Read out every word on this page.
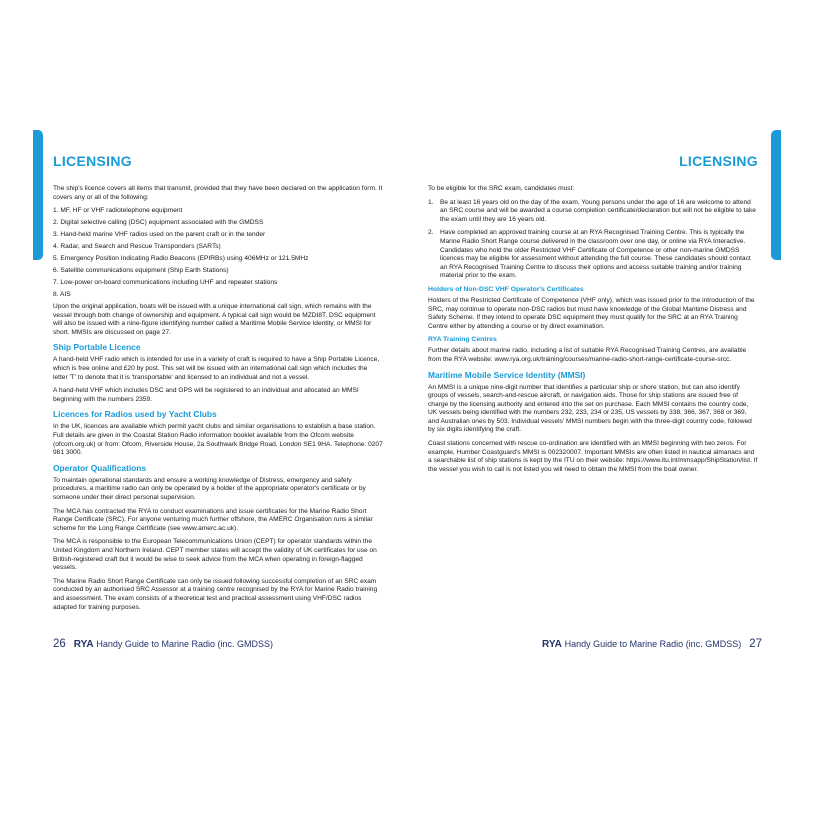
LICENSING

The ship's licence covers all items that transmit, provided that they have been declared on the application form. It covers any or all of the following:

1. MF, HF or VHF radiotelephone equipment
2. Digital selective calling (DSC) equipment associated with the GMDSS
3. Hand-held marine VHF radios used on the parent craft or in the tender
4. Radar, and Search and Rescue Transponders (SARTs)
5. Emergency Position Indicating Radio Beacons (EPIRBs) using 406MHz or 121.5MHz
6. Satellite communications equipment (Ship Earth Stations)
7. Low-power on-board communications including UHF and repeater stations
8. AIS

Upon the original application, boats will be issued with a unique international call sign, which remains with the vessel through both change of ownership and equipment. A typical call sign would be MZDI8T. DSC equipment will also be issued with a nine-figure identifying number called a Maritime Mobile Service Identity, or MMSI for short. MMSIs are discussed on page 27.

Ship Portable Licence

A hand-held VHF radio which is intended for use in a variety of craft is required to have a Ship Portable Licence, which is free online and £20 by post. This set will be issued with an international call sign which includes the letter 'T' to denote that it is 'transportable' and licensed to an individual and not a vessel.

A hand-held VHF which includes DSC and GPS will be registered to an individual and allocated an MMSI beginning with the numbers 2359.

Licences for Radios used by Yacht Clubs

In the UK, licences are available which permit yacht clubs and similar organisations to establish a base station. Full details are given in the Coastal Station Radio information booklet available from the Ofcom website (ofcom.org.uk) or from: Ofcom, Riverside House, 2a Southwark Bridge Road, London SE1 9HA. Telephone: 0207 981 3000.

Operator Qualifications

To maintain operational standards and ensure a working knowledge of Distress, emergency and safety procedures, a maritime radio can only be operated by a holder of the appropriate operator's certificate or by someone under their direct personal supervision.

The MCA has contracted the RYA to conduct examinations and issue certificates for the Marine Radio Short Range Certificate (SRC). For anyone venturing much further offshore, the AMERC Organisation runs a similar scheme for the Long Range Certificate (see www.amerc.ac.uk).

The MCA is responsible to the European Telecommunications Union (CEPT) for operator standards within the United Kingdom and Northern Ireland. CEPT member states will accept the validity of UK certificates for use on British-registered craft but it would be wise to seek advice from the MCA when operating in foreign-flagged vessels.

The Marine Radio Short Range Certificate can only be issued following successful completion of an SRC exam conducted by an authorised SRC Assessor at a training centre recognised by the RYA for Marine Radio training and assessment. The exam consists of a theoretical test and practical assessment using VHF/DSC radios adapted for training purposes.

26 RYA Handy Guide to Marine Radio (inc. GMDSS)
LICENSING

To be eligible for the SRC exam, candidates must:

1. Be at least 16 years old on the day of the exam. Young persons under the age of 16 are welcome to attend an SRC course and will be awarded a course completion certificate/declaration but will not be eligible to take the exam until they are 16 years old.
2. Have completed an approved training course at an RYA Recognised Training Centre. This is typically the Marine Radio Short Range course delivered in the classroom over one day, or online via RYA Interactive. Candidates who hold the older Restricted VHF Certificate of Competence or other non-marine GMDSS licences may be eligible for assessment without attending the full course. These candidates should contact an RYA Recognised Training Centre to discuss their options and access suitable training and/or training material prior to the exam.
Holders of Non-DSC VHF Operator's Certificates

Holders of the Restricted Certificate of Competence (VHF only), which was issued prior to the introduction of the SRC, may continue to operate non-DSC radios but must have knowledge of the Global Maritime Distress and Safety Scheme. If they intend to operate DSC equipment they must qualify for the SRC at an RYA Training Centre either by attending a course or by direct examination.

RYA Training Centres

Further details about marine radio, including a list of suitable RYA Recognised Training Centres, are available from the RYA website: www.rya.org.uk/training/courses/marine-radio-short-range-certificate-course-srcc.

Maritime Mobile Service Identity (MMSI)

An MMSI is a unique nine-digit number that identifies a particular ship or shore station, but can also identify groups of vessels, search-and-rescue aircraft, or navigation aids. Those for ship stations are issued free of charge by the licensing authority and entered into the set on purchase. Each MMSI contains the country code, UK vessels being identified with the numbers 232, 233, 234 or 235, US vessels by 338, 366, 367, 368 or 369, and Australian ones by 503. Individual vessels' MMSI numbers begin with the three-digit country code, followed by six digits identifying the craft.

Coast stations concerned with rescue co-ordination are identified with an MMSI beginning with two zeros. For example, Humber Coastguard's MMSI is 002320007. Important MMSIs are often listed in nautical almanacs and a searchable list of ship stations is kept by the ITU on their website: https://www.itu.int/mmsapp/ShipStation/list. If the vessel you wish to call is not listed you will need to obtain the MMSI from the boat owner.

RYA Handy Guide to Marine Radio (inc. GMDSS) 27
